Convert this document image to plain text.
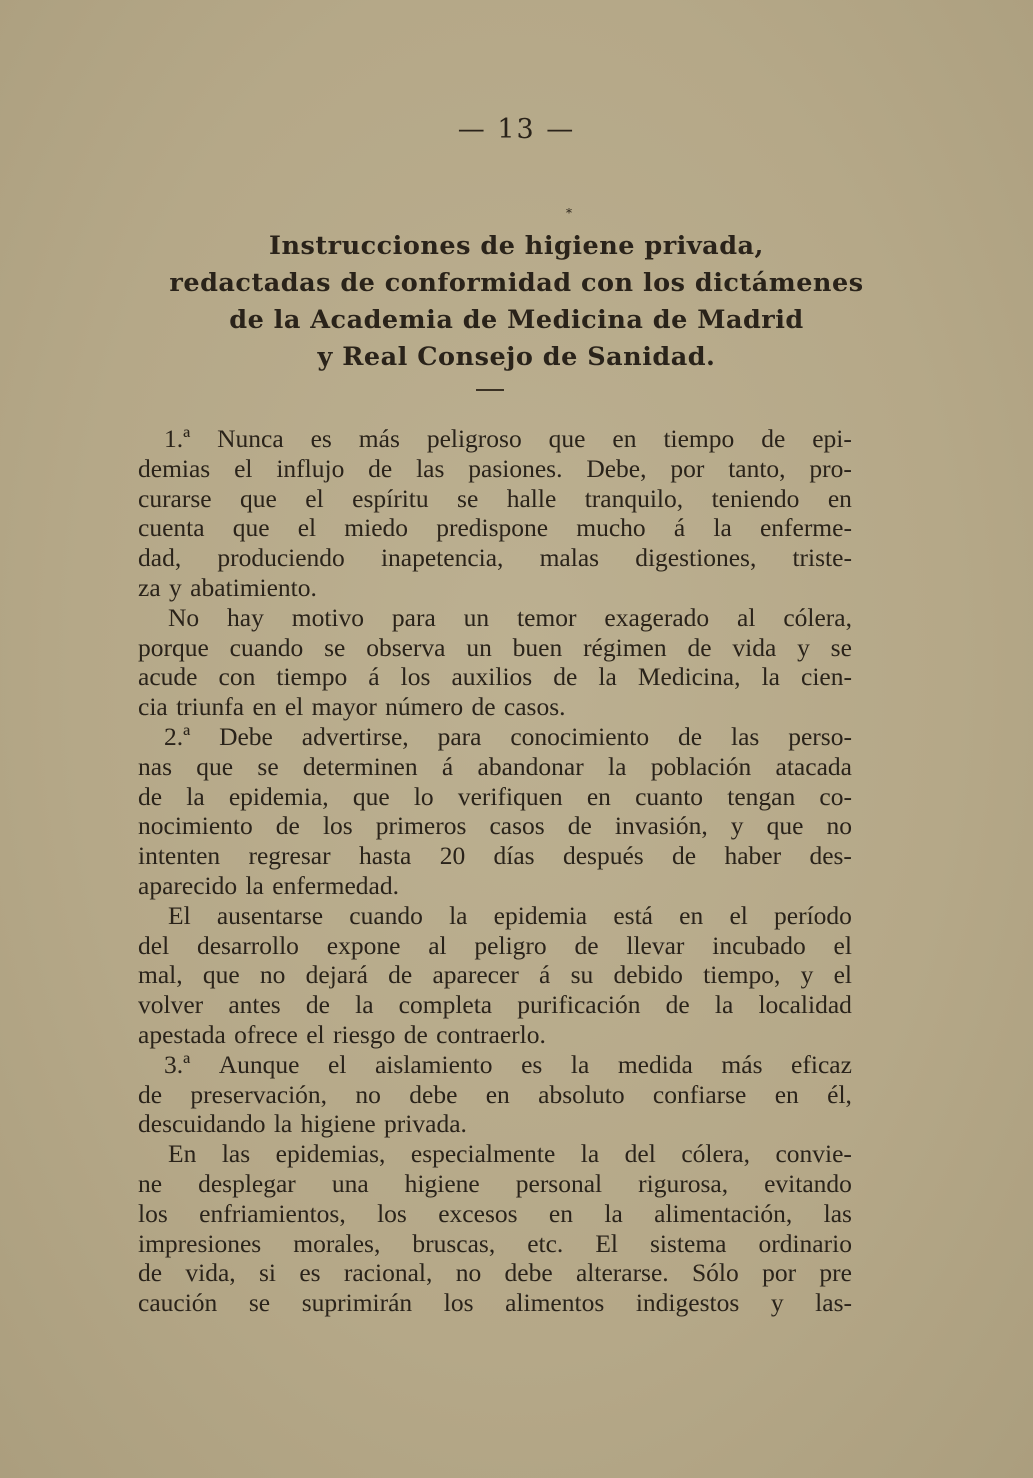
— 13 —
*
Instrucciones de higiene privada,
redactadas de conformidad con los dictámenes
de la Academia de Medicina de Madrid
y Real Consejo de Sanidad.
1.ª Nunca es más peligroso que en tiempo de epi-
demias el influjo de las pasiones. Debe, por tanto, pro-
curarse que el espíritu se halle tranquilo, teniendo en
cuenta que el miedo predispone mucho á la enferme-
dad, produciendo inapetencia, malas digestiones, triste-
za y abatimiento.
No hay motivo para un temor exagerado al cólera,
porque cuando se observa un buen régimen de vida y se
acude con tiempo á los auxilios de la Medicina, la cien-
cia triunfa en el mayor número de casos.
2.ª Debe advertirse, para conocimiento de las perso-
nas que se determinen á abandonar la población atacada
de la epidemia, que lo verifiquen en cuanto tengan co-
nocimiento de los primeros casos de invasión, y que no
intenten regresar hasta 20 días después de haber des-
aparecido la enfermedad.
El ausentarse cuando la epidemia está en el período
del desarrollo expone al peligro de llevar incubado el
mal, que no dejará de aparecer á su debido tiempo, y el
volver antes de la completa purificación de la localidad
apestada ofrece el riesgo de contraerlo.
3.ª Aunque el aislamiento es la medida más eficaz
de preservación, no debe en absoluto confiarse en él,
descuidando la higiene privada.
En las epidemias, especialmente la del cólera, convie-
ne desplegar una higiene personal rigurosa, evitando
los enfriamientos, los excesos en la alimentación, las
impresiones morales, bruscas, etc. El sistema ordinario
de vida, si es racional, no debe alterarse. Sólo por pre
caución se suprimirán los alimentos indigestos y las-
